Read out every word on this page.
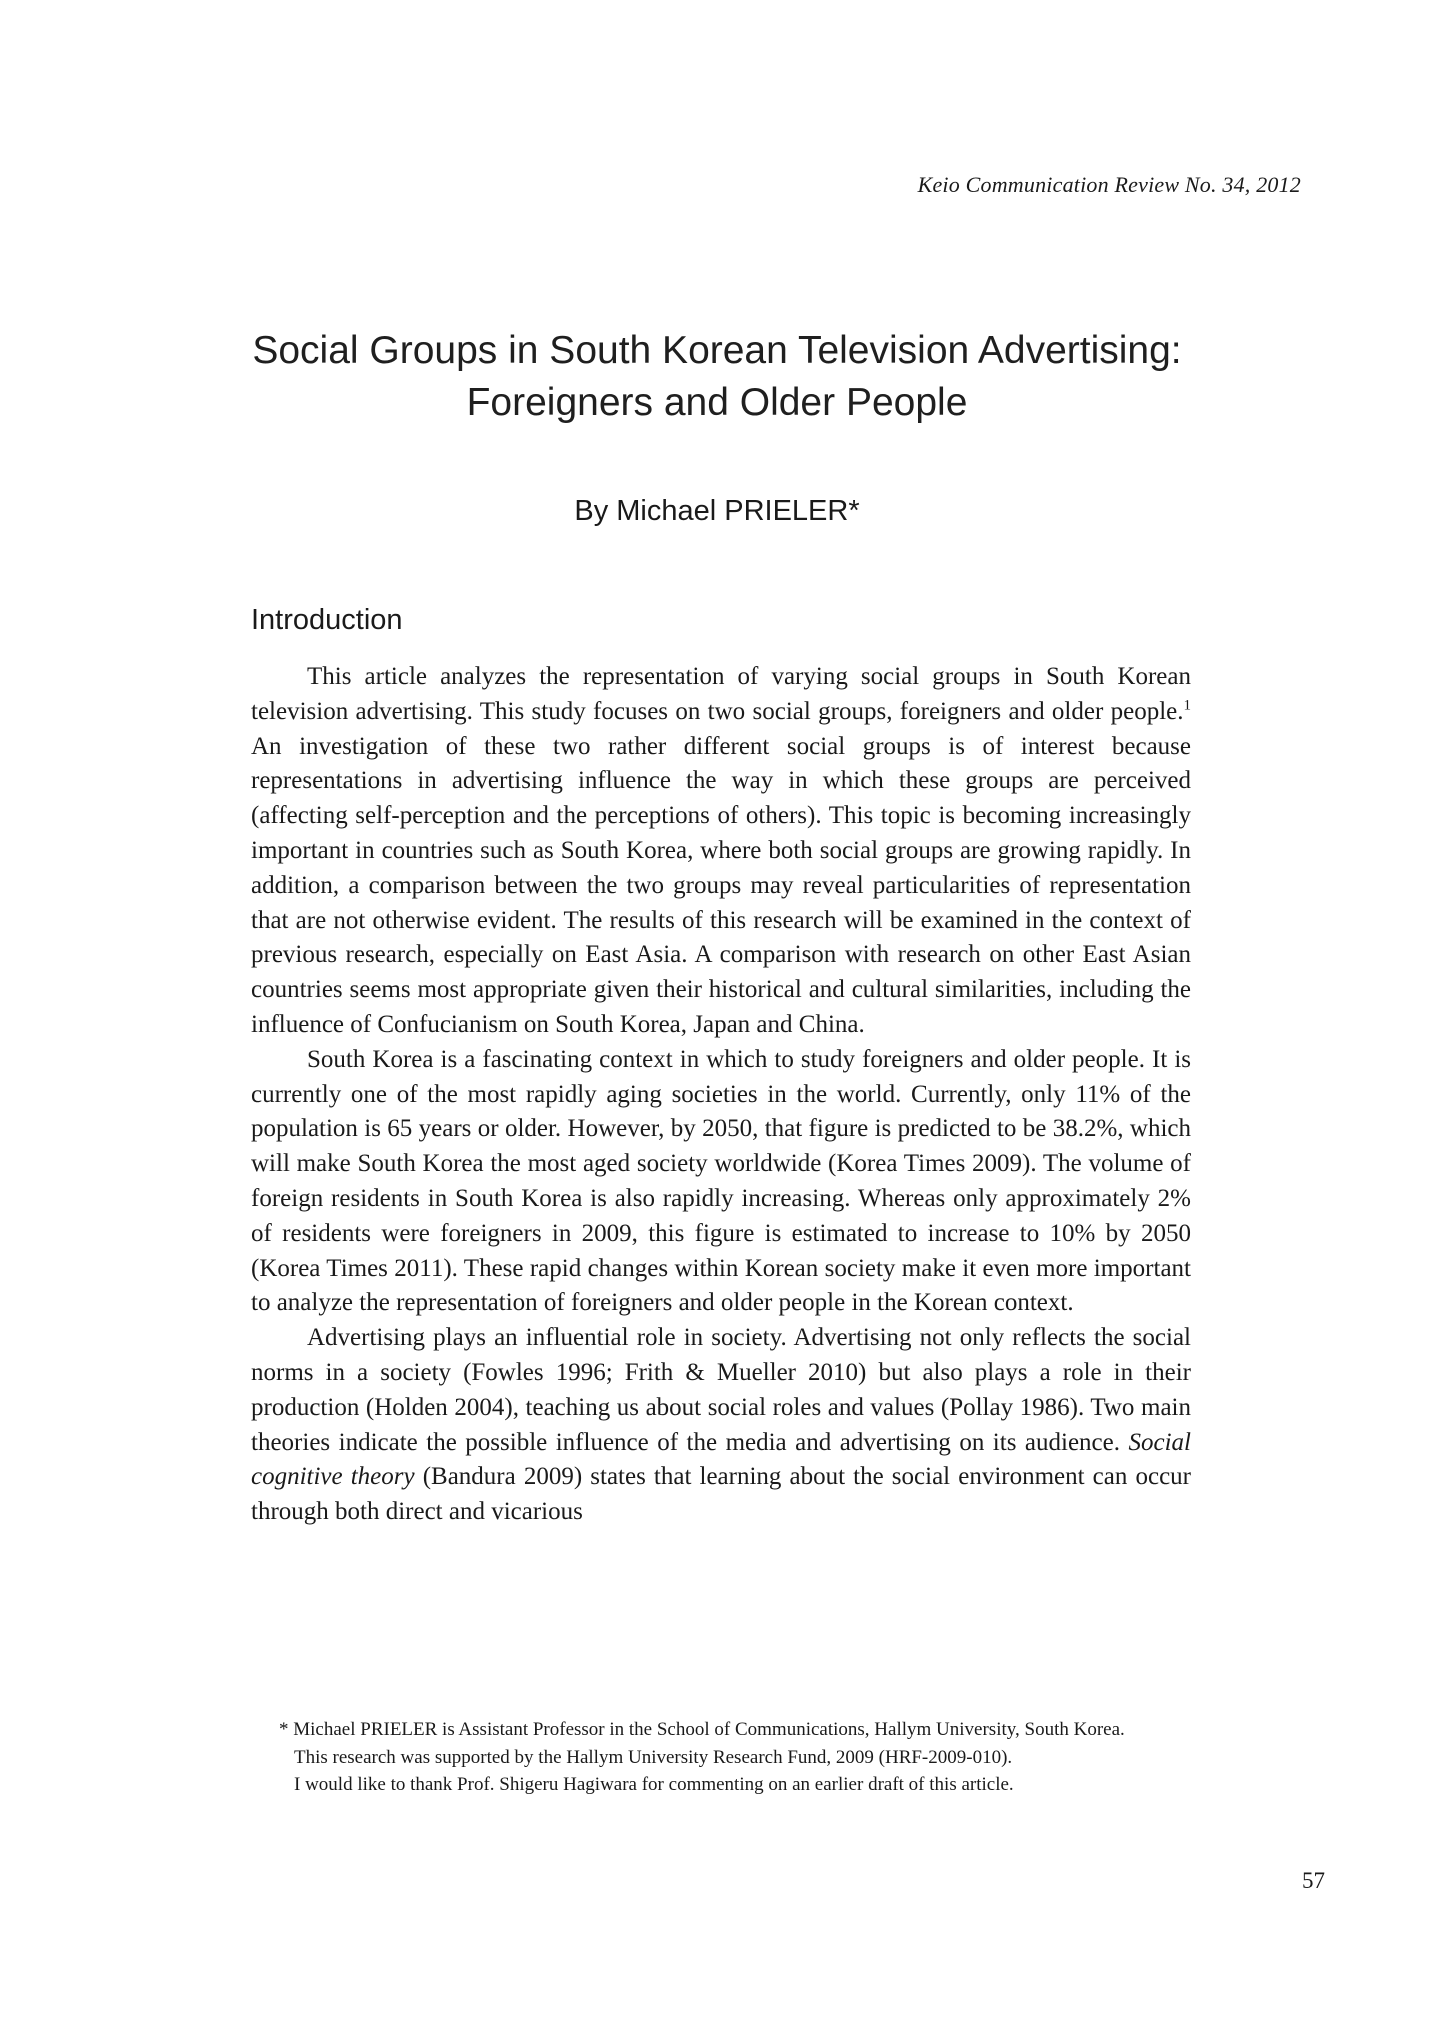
Keio Communication Review No. 34, 2012
Social Groups in South Korean Television Advertising:
Foreigners and Older People
By Michael PRIELER*
Introduction

This article analyzes the representation of varying social groups in South Korean television advertising. This study focuses on two social groups, foreigners and older people.$^1$ An investigation of these two rather different social groups is of interest because representations in advertising influence the way in which these groups are perceived (affecting self-perception and the perceptions of others). This topic is becoming increasingly important in countries such as South Korea, where both social groups are growing rapidly. In addition, a comparison between the two groups may reveal particularities of representation that are not otherwise evident. The results of this research will be examined in the context of previous research, especially on East Asia. A comparison with research on other East Asian countries seems most appropriate given their historical and cultural similarities, including the influence of Confucianism on South Korea, Japan and China.

South Korea is a fascinating context in which to study foreigners and older people. It is currently one of the most rapidly aging societies in the world. Currently, only 11% of the population is 65 years or older. However, by 2050, that figure is predicted to be 38.2%, which will make South Korea the most aged society worldwide (Korea Times 2009). The volume of foreign residents in South Korea is also rapidly increasing. Whereas only approximately 2% of residents were foreigners in 2009, this figure is estimated to increase to 10% by 2050 (Korea Times 2011). These rapid changes within Korean society make it even more important to analyze the representation of foreigners and older people in the Korean context.

Advertising plays an influential role in society. Advertising not only reflects the social norms in a society (Fowles 1996; Frith & Mueller 2010) but also plays a role in their production (Holden 2004), teaching us about social roles and values (Pollay 1986). Two main theories indicate the possible influence of the media and advertising on its audience. Social cognitive theory (Bandura 2009) states that learning about the social environment can occur through both direct and vicarious

* Michael PRIELER is Assistant Professor in the School of Communications, Hallym University, South Korea.
This research was supported by the Hallym University Research Fund, 2009 (HRF-2009-010).
I would like to thank Prof. Shigeru Hagiwara for commenting on an earlier draft of this article.
57
